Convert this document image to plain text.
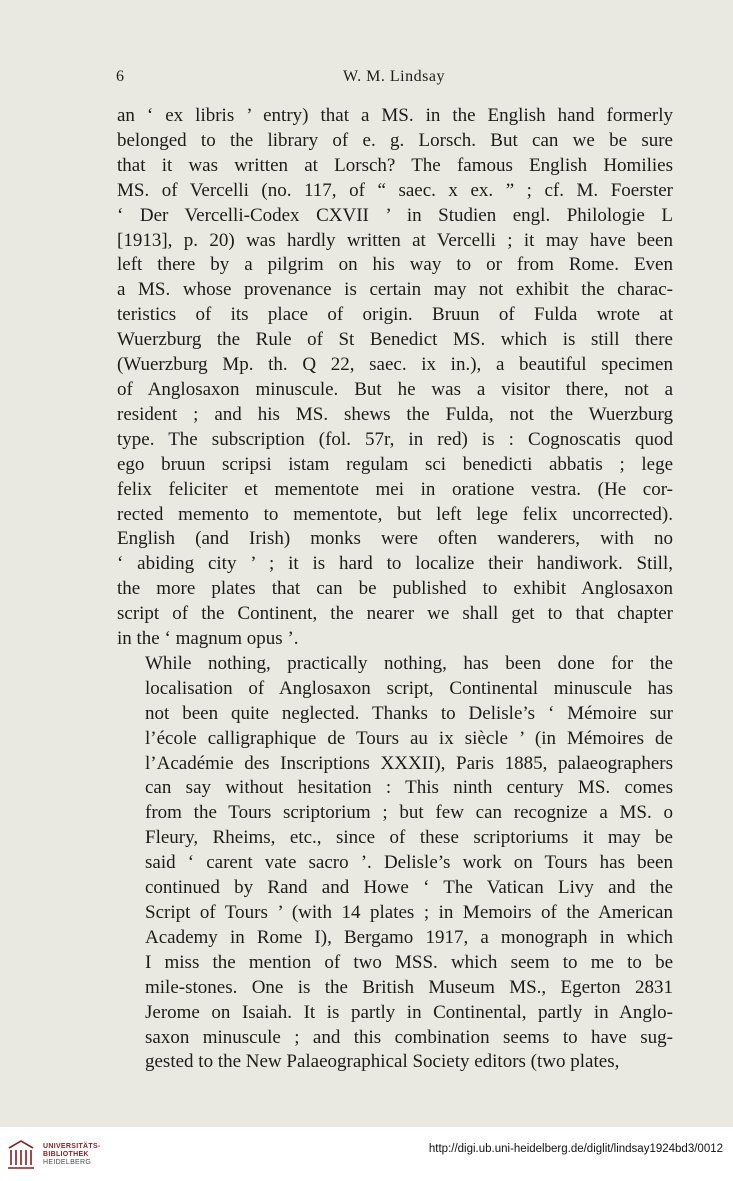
6	W. M. Lindsay

an ‘ ex libris ’ entry) that a MS. in the English hand formerly
belonged to the library of e. g. Lorsch. But can we be sure
that it was written at Lorsch? The famous English Homilies
MS. of Vercelli (no. 117, of “ saec. x ex. ” ; cf. M. Foerster
‘ Der Vercelli-Codex CXVII ’ in Studien engl. Philologie L
[1913], p. 20) was hardly written at Vercelli ; it may have been
left there by a pilgrim on his way to or from Rome. Even
a MS. whose provenance is certain may not exhibit the charac-
teristics of its place of origin. Bruun of Fulda wrote at
Wuerzburg the Rule of St Benedict MS. which is still there
(Wuerzburg Mp. th. Q 22, saec. ix in.), a beautiful specimen
of Anglosaxon minuscule. But he was a visitor there, not a
resident ; and his MS. shews the Fulda, not the Wuerzburg
type. The subscription (fol. 57r, in red) is : Cognoscatis quod
ego bruun scripsi istam regulam sci benedicti abbatis ; lege
felix feliciter et mementote mei in oratione vestra. (He cor-
rected memento to mementote, but left lege felix uncorrected).
English (and Irish) monks were often wanderers, with no
‘ abiding city ’ ; it is hard to localize their handiwork. Still,
the more plates that can be published to exhibit Anglosaxon
script of the Continent, the nearer we shall get to that chapter
in the ‘ magnum opus ’.

While nothing, practically nothing, has been done for the
localisation of Anglosaxon script, Continental minuscule has
not been quite neglected. Thanks to Delisle’s ‘ Mémoire sur
l’école calligraphique de Tours au ix siècle ’ (in Mémoires de
l’Académie des Inscriptions XXXII), Paris 1885, palaeographers
can say without hesitation : This ninth century MS. comes
from the Tours scriptorium ; but few can recognize a MS. o
Fleury, Rheims, etc., since of these scriptoriums it may be
said ‘ carent vate sacro ’. Delisle’s work on Tours has been
continued by Rand and Howe ‘ The Vatican Livy and the
Script of Tours ’ (with 14 plates ; in Memoirs of the American
Academy in Rome I), Bergamo 1917, a monograph in which
I miss the mention of two MSS. which seem to me to be
mile-stones. One is the British Museum MS., Egerton 2831
Jerome on Isaiah. It is partly in Continental, partly in Anglo-
saxon minuscule ; and this combination seems to have sug-
gested to the New Palaeographical Society editors (two plates,

UNIVERSITÄTS-
BIBLIOTHEK
HEIDELBERG
http://digi.ub.uni-heidelberg.de/diglit/lindsay1924bd3/0012
